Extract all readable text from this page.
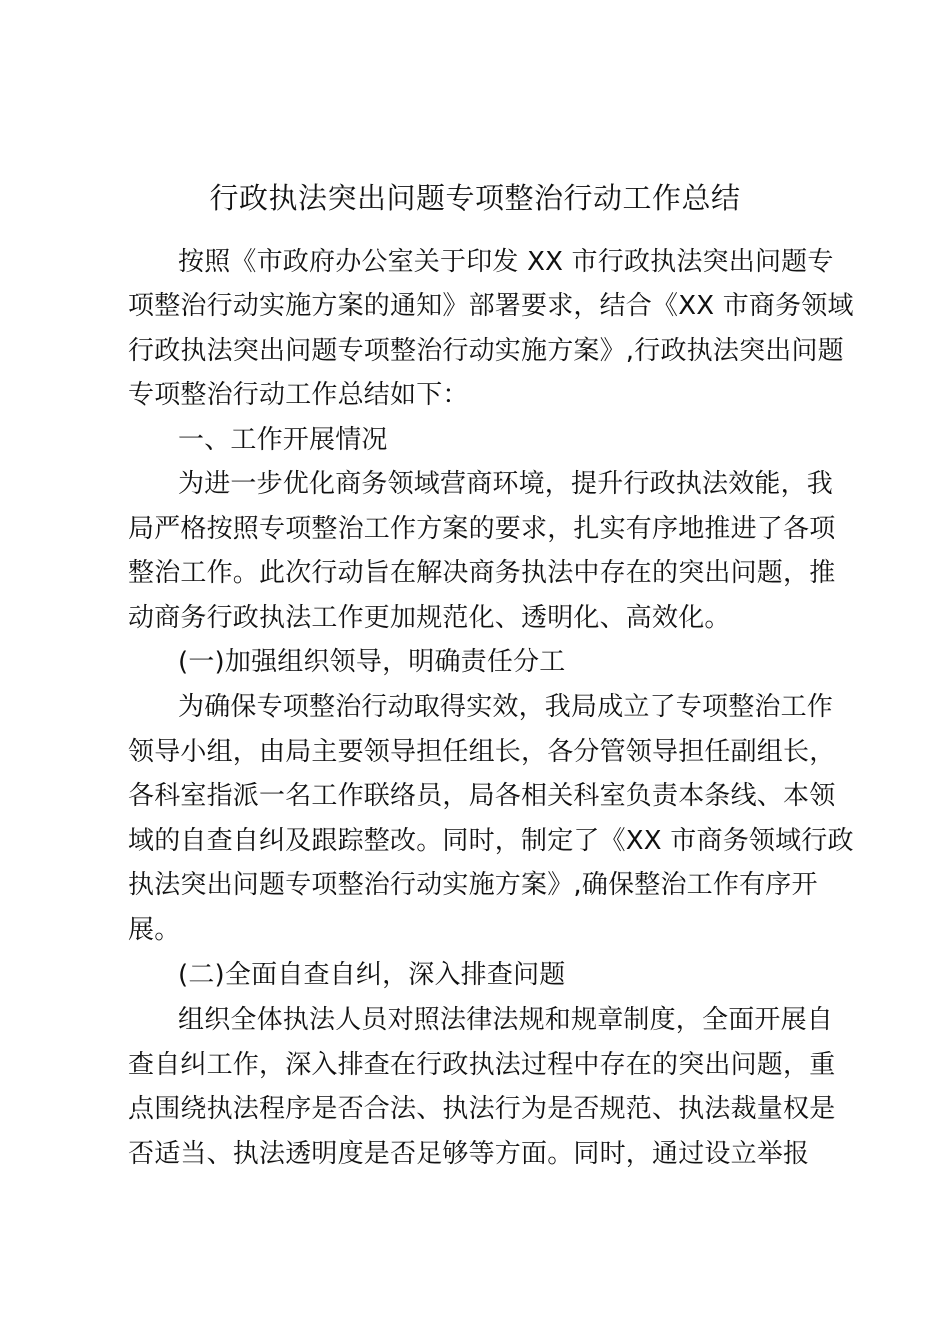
行政执法突出问题专项整治行动工作总结
按照《市政府办公室关于印发 XX 市行政执法突出问题专
项整治行动实施方案的通知》部署要求，结合《XX 市商务领域
行政执法突出问题专项整治行动实施方案》,行政执法突出问题
专项整治行动工作总结如下：
一、工作开展情况
为进一步优化商务领域营商环境，提升行政执法效能，我
局严格按照专项整治工作方案的要求，扎实有序地推进了各项
整治工作。此次行动旨在解决商务执法中存在的突出问题，推
动商务行政执法工作更加规范化、透明化、高效化。
(一)加强组织领导，明确责任分工
为确保专项整治行动取得实效，我局成立了专项整治工作
领导小组，由局主要领导担任组长，各分管领导担任副组长，
各科室指派一名工作联络员，局各相关科室负责本条线、本领
域的自查自纠及跟踪整改。同时，制定了《XX 市商务领域行政
执法突出问题专项整治行动实施方案》,确保整治工作有序开
展。
(二)全面自查自纠，深入排查问题
组织全体执法人员对照法律法规和规章制度，全面开展自
查自纠工作，深入排查在行政执法过程中存在的突出问题，重
点围绕执法程序是否合法、执法行为是否规范、执法裁量权是
否适当、执法透明度是否足够等方面。同时，通过设立举报
